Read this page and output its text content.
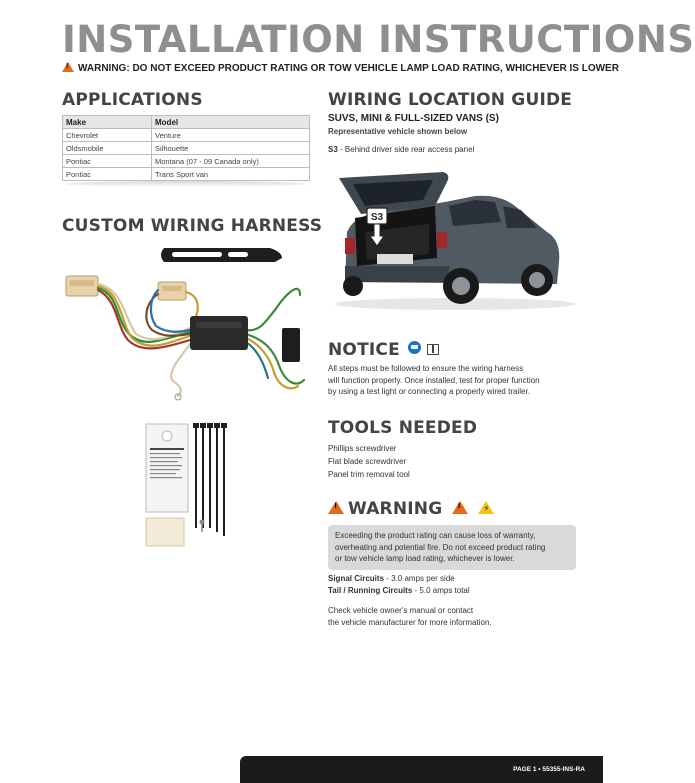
INSTALLATION INSTRUCTIONS
!WARNING: DO NOT EXCEED PRODUCT RATING OR TOW VEHICLE LAMP LOAD RATING, WHICHEVER IS LOWER
APPLICATIONS
Make	Model
Chevrolet	Venture
Oldsmobile	Silhouette
Pontiac	Montana (07 - 09 Canada only)
Pontiac	Trans Sport van
CUSTOM WIRING HARNESS
WIRING LOCATION GUIDE
SUVS, MINI & FULL-SIZED VANS (S)
Representative vehicle shown below
S3 - Behind driver side rear access panel
S3
NOTICE

All steps must be followed to ensure the wiring harness
will function properly. Once installed, test for proper function
by using a test light or connecting a properly wired trailer.
TOOLS NEEDED
Phillips screwdriver
Flat blade screwdriver
Panel trim removal tool
!WARNING !	⚡
Exceeding the product rating can cause loss of warranty,
overheating and potential fire. Do not exceed product rating
or tow vehicle lamp load rating, whichever is lower.
Signal Circuits - 3.0 amps per side
Tail / Running Circuits - 5.0 amps total
Check vehicle owner's manual or contact
the vehicle manufacturer for more information.
PAGE 1 • 55355-INS-RA
